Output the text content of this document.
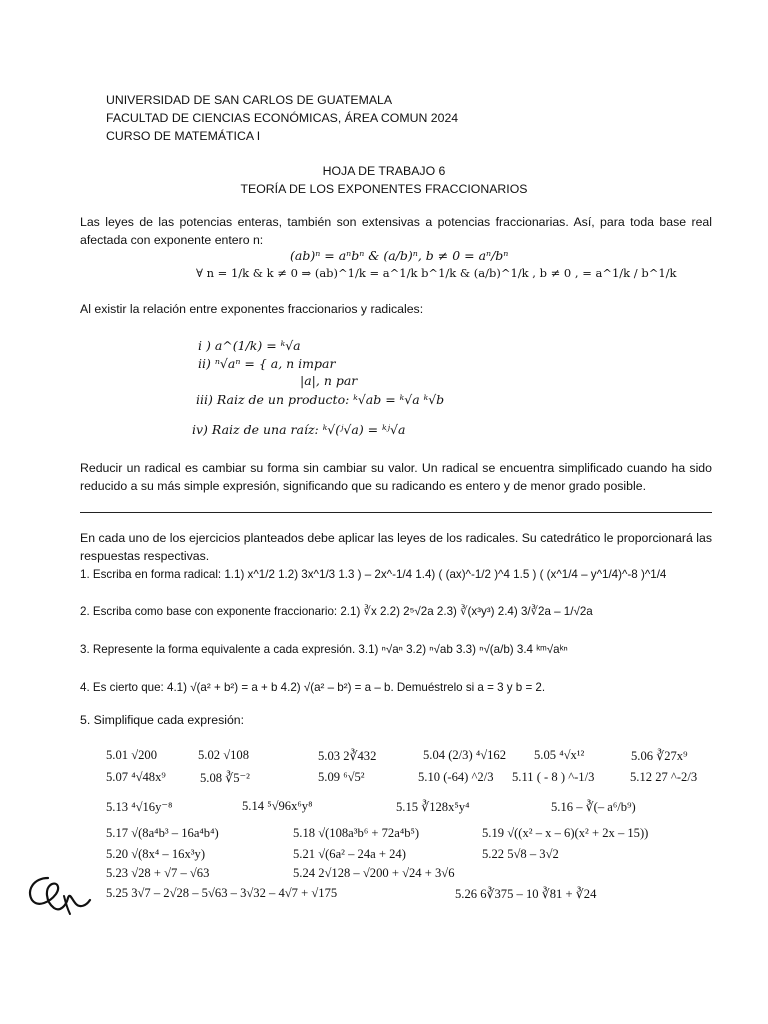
UNIVERSIDAD DE SAN CARLOS DE GUATEMALA
FACULTAD DE CIENCIAS ECONÓMICAS, ÁREA COMUN 2024
CURSO DE MATEMÁTICA I
HOJA DE TRABAJO 6
TEORÍA DE LOS EXPONENTES FRACCIONARIOS
Las leyes de las potencias enteras, también son extensivas a potencias fraccionarias. Así, para toda base real afectada con exponente entero n:
(ab)ⁿ = aⁿbⁿ & (a/b)ⁿ, b ≠ 0 = aⁿ/bⁿ
∀ n = 1/k & k ≠ 0 ⇒ (ab)^1/k = a^1/k b^1/k & (a/b)^1/k , b ≠ 0 , = a^1/k / b^1/k
Al existir la relación entre exponentes fraccionarios y radicales:
i ) a^(1/k) = ᵏ√a
ii) ⁿ√aⁿ = { a, n impar
|a|, n par
iii) Raiz de un producto: ᵏ√ab = ᵏ√a ᵏ√b
iv) Raiz de una raíz: ᵏ√(ʲ√a) = ᵏʲ√a
Reducir un radical es cambiar su forma sin cambiar su valor. Un radical se encuentra simplificado cuando ha sido reducido a su más simple expresión, significando que su radicando es entero y de menor grado posible.
En cada uno de los ejercicios planteados debe aplicar las leyes de los radicales. Su catedrático le proporcionará las respuestas respectivas.
1. Escriba en forma radical: 1.1) x^1/2 1.2) 3x^1/3 1.3 ) – 2x^-1/4 1.4) ( (ax)^-1/2 )^4 1.5 ) ( (x^1/4 – y^1/4)^-8 )^1/4
2. Escriba como base con exponente fraccionario: 2.1) ∛x 2.2) 2⁵√2a 2.3) ∛(x³y³) 2.4) 3/∛2a – 1/√2a
3. Represente la forma equivalente a cada expresión. 3.1) ⁿ√aⁿ 3.2) ⁿ√ab 3.3) ⁿ√(a/b) 3.4 ᵏᵐ√aᵏⁿ
4. Es cierto que: 4.1) √(a² + b²) = a + b 4.2) √(a² – b²) = a – b. Demuéstrelo si a = 3 y b = 2.
5. Simplifique cada expresión:
5.01 √200	5.02 √108	5.03 2∛432	5.04 (2/3) ⁴√162 5.05 ⁴√x¹²	5.06 ∛27x⁹
5.07 ⁴√48x⁹	5.08 ∛5⁻²	5.09 ⁶√5²	5.10 (-64) ^2/3 5.11 ( - 8 ) ^-1/3	5.12 27 ^-2/3
5.13 ⁴√16y⁻⁸	5.14 ⁵√96x⁶y⁸	5.15 ∛128x⁵y⁴	5.16 – ∛(– a⁶/b⁹)
5.17 √(8a⁴b³ – 16a⁴b⁴)	5.18 √(108a³b⁶ + 72a⁴b⁵)	5.19 √((x² – x – 6)(x² + 2x – 15))
5.20 √(8x⁴ – 16x³y)	5.21 √(6a² – 24a + 24)	5.22 5√8 – 3√2
5.23 √28 + √7 – √63	5.24 2√128 – √200 + √24 + 3√6
5.25 3√7 – 2√28 – 5√63 – 3√32 – 4√7 + √175	5.26 6∛375 – 10 ∛81 + ∛24
